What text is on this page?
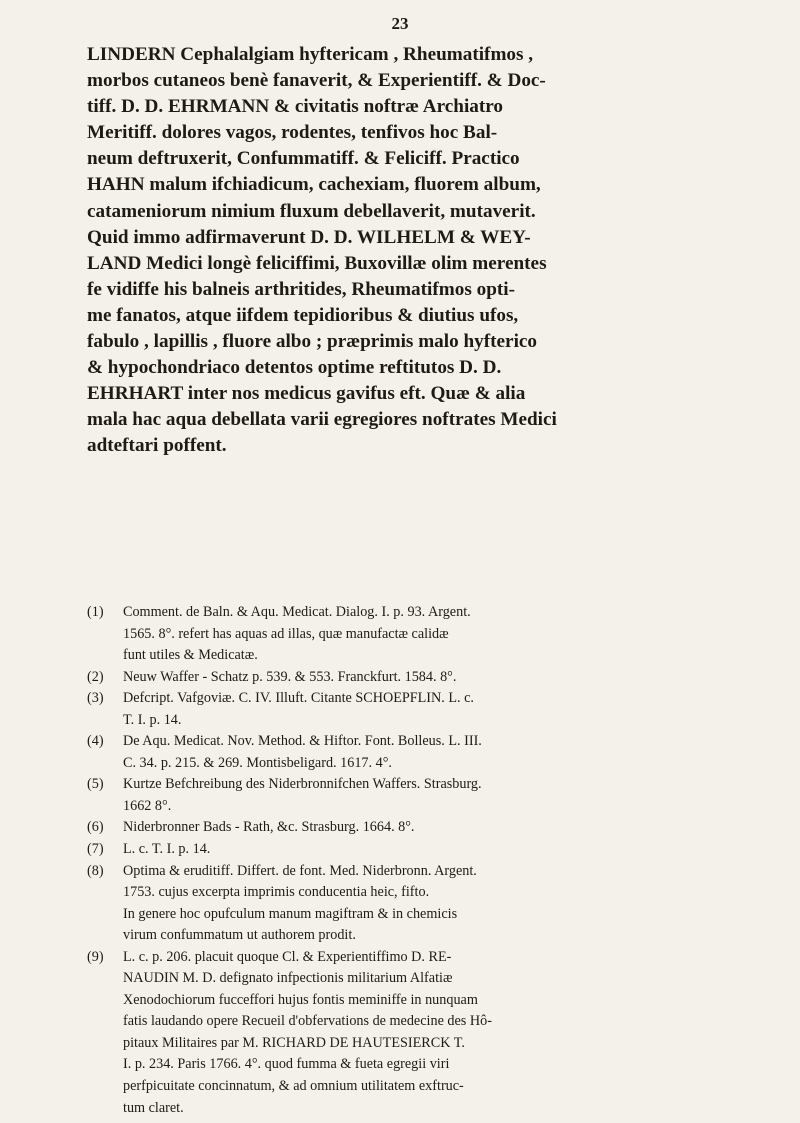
23
LINDERN Cephalalgiam hyftericam , Rheumatifmos ,
morbos cutaneos benè fanaverit, & Experientiff. & Doc-
tiff. D. D. EHRMANN & civitatis noftræ Archiatro
Meritiff. dolores vagos, rodentes, tenfivos hoc Bal-
neum deftruxerit, Confummatiff. & Feliciff. Practico
HAHN malum ifchiadicum, cachexiam, fluorem album,
catameniorum nimium fluxum debellaverit, mutaverit.
Quid immo adfirmaverunt D. D. WILHELM & WEY-
LAND Medici longè feliciffimi, Buxovillæ olim merentes
fe vidiffe his balneis arthritides, Rheumatifmos opti-
me fanatos, atque iifdem tepidioribus & diutius ufos,
fabulo , lapillis , fluore albo ; præprimis malo hyfterico
& hypochondriaco detentos optime reftitutos D. D.
EHRHART inter nos medicus gavifus eft. Quæ & alia
mala hac aqua debellata varii egregiores noftrates Medici
adteftari poffent.
(1) Comment. de Baln. & Aqu. Medicat. Dialog. I. p. 93. Argent.
1565. 8°. refert has aquas ad illas, quæ manufactæ calidæ
funt utiles & Medicatæ.
(2) Neuw Waffer - Schatz p. 539. & 553. Franckfurt. 1584. 8°.
(3) Defcript. Vafgoviæ. C. IV. Illuft. Citante SCHOEPFLIN. L. c.
T. I. p. 14.
(4) De Aqu. Medicat. Nov. Method. & Hiftor. Font. Bolleus. L. III.
C. 34. p. 215. & 269. Montisbeligard. 1617. 4°.
(5) Kurtze Befchreibung des Niderbronnifchen Waffers. Strasburg.
1662 8°.
(6) Niderbronner Bads - Rath, &c. Strasburg. 1664. 8°.
(7) L. c. T. I. p. 14.
(8) Optima & eruditiff. Differt. de font. Med. Niderbronn. Argent.
1753. cujus excerpta imprimis conducentia heic, fifto.
In genere hoc opufculum manum magiftram & in chemicis
virum confummatum ut authorem prodit.
(9) L. c. p. 206. placuit quoque Cl. & Experientiffimo D. RE-
NAUDIN M. D. defignato infpectionis militarium Alfatiæ
Xenodochiorum fucceffori hujus fontis meminiffe in nunquam
fatis laudando opere Recueil d'obfervations de medecine des Hô-
pitaux Militaires par M. RICHARD DE HAUTESIERCK T.
I. p. 234. Paris 1766. 4°. quod fumma & fueta egregii viri
perfpicuitate concinnatum, & ad omnium utilitatem exftruc-
tum claret.
